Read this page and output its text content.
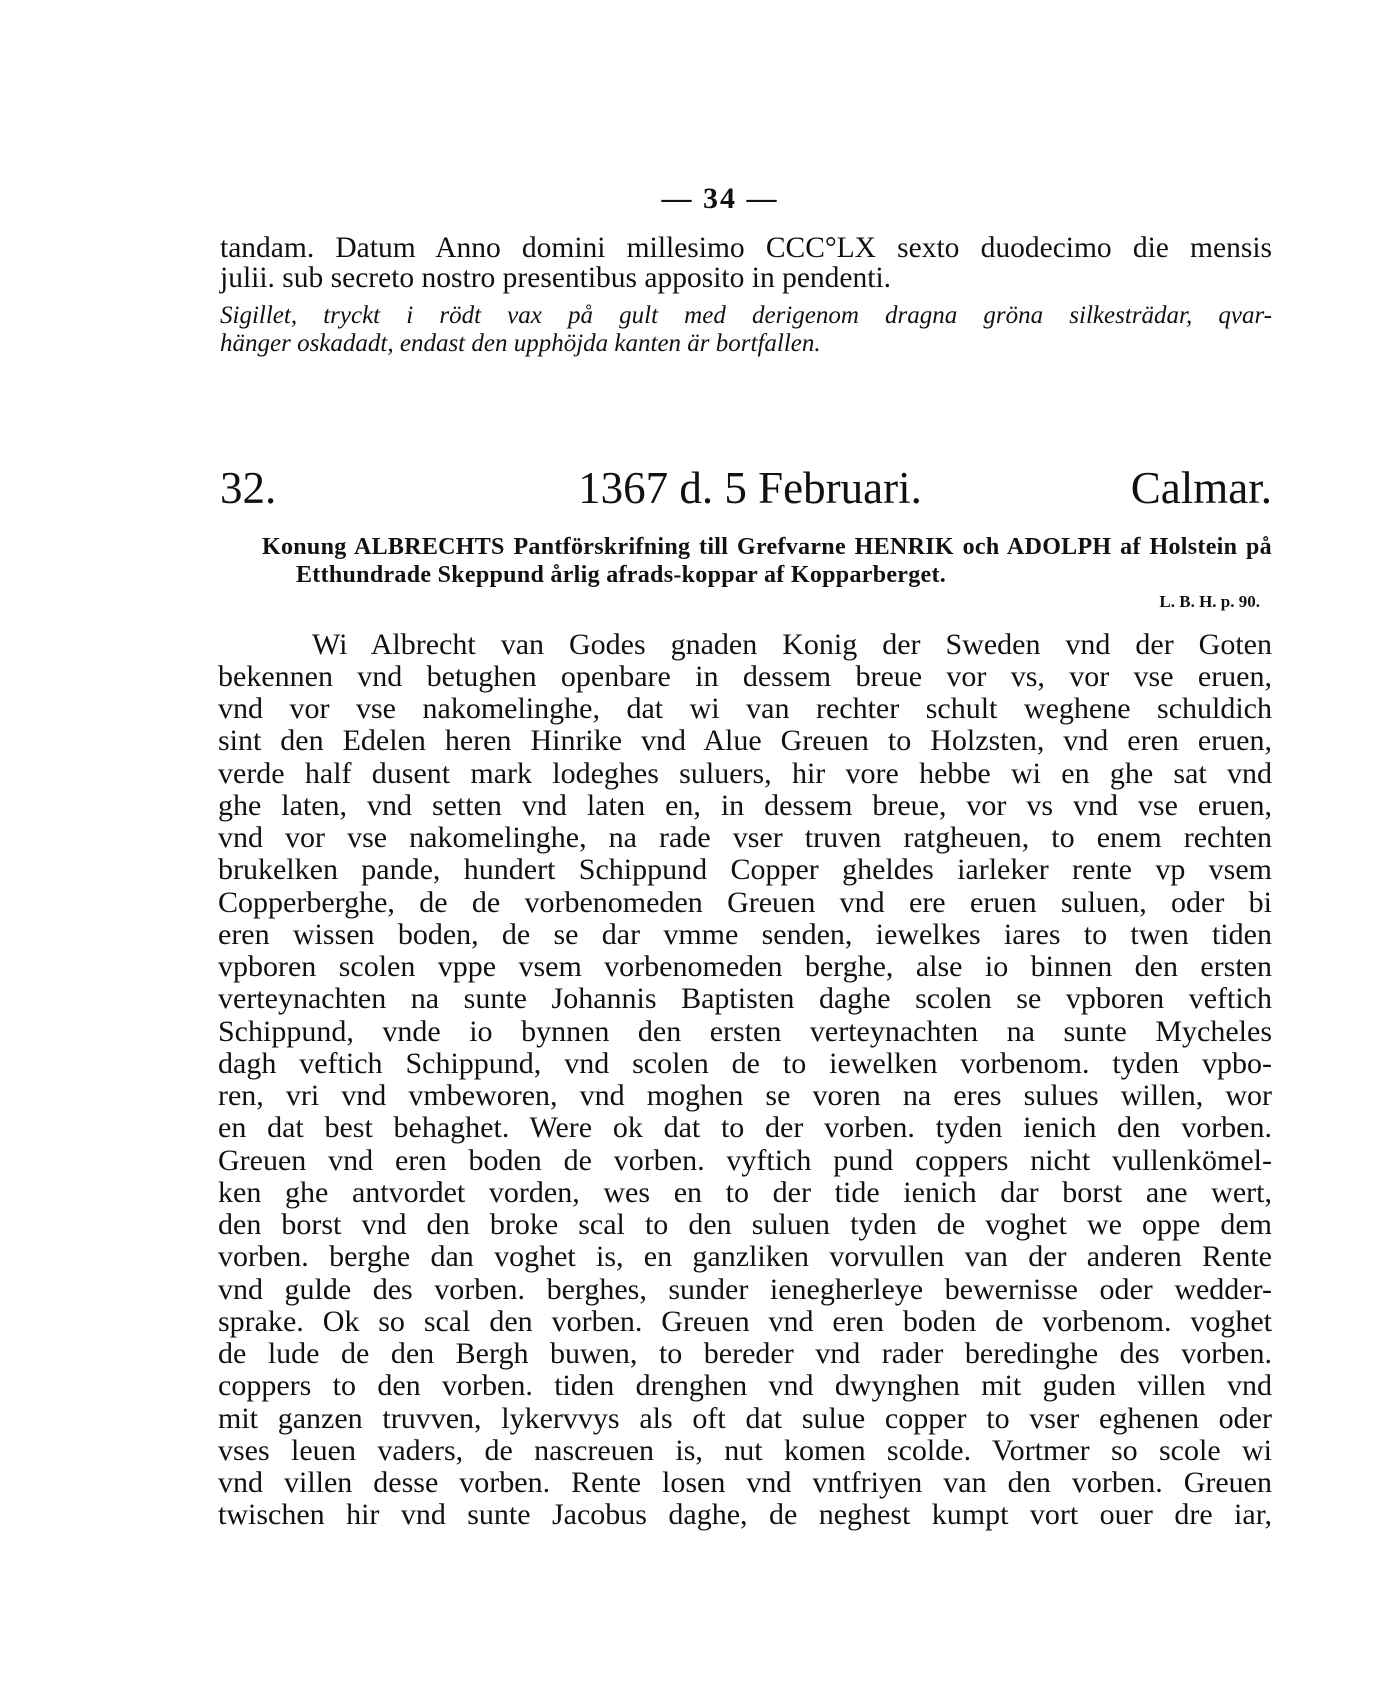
— 34 —
tandam. Datum Anno domini millesimo CCC°LX sexto duodecimo die mensis
julii. sub secreto nostro presentibus apposito in pendenti.
Sigillet, tryckt i rödt vax på gult med derigenom dragna gröna silkesträdar, qvar-
hänger oskadadt, endast den upphöjda kanten är bortfallen.
32.	1367 d. 5 Februari.	Calmar.
Konung ALBRECHTS Pantförskrifning till Grefvarne HENRIK och ADOLPH af Holstein på
Etthundrade Skeppund årlig afrads-koppar af Kopparberget.
L. B. H. p. 90.
Wi Albrecht van Godes gnaden Konig der Sweden vnd der Goten
bekennen vnd betughen openbare in dessem breue vor vs, vor vse eruen,
vnd vor vse nakomelinghe, dat wi van rechter schult weghene schuldich
sint den Edelen heren Hinrike vnd Alue Greuen to Holzsten, vnd eren eruen,
verde half dusent mark lodeghes suluers, hir vore hebbe wi en ghe sat vnd
ghe laten, vnd setten vnd laten en, in dessem breue, vor vs vnd vse eruen,
vnd vor vse nakomelinghe, na rade vser truven ratgheuen, to enem rechten
brukelken pande, hundert Schippund Copper gheldes iarleker rente vp vsem
Copperberghe, de de vorbenomeden Greuen vnd ere eruen suluen, oder bi
eren wissen boden, de se dar vmme senden, iewelkes iares to twen tiden
vpboren scolen vppe vsem vorbenomeden berghe, alse io binnen den ersten
verteynachten na sunte Johannis Baptisten daghe scolen se vpboren veftich
Schippund, vnde io bynnen den ersten verteynachten na sunte Mycheles
dagh veftich Schippund, vnd scolen de to iewelken vorbenom. tyden vpbo-
ren, vri vnd vmbeworen, vnd moghen se voren na eres sulues willen, wor
en dat best behaghet. Were ok dat to der vorben. tyden ienich den vorben.
Greuen vnd eren boden de vorben. vyftich pund coppers nicht vullenkömel-
ken ghe antvordet vorden, wes en to der tide ienich dar borst ane wert,
den borst vnd den broke scal to den suluen tyden de voghet we oppe dem
vorben. berghe dan voghet is, en ganzliken vorvullen van der anderen Rente
vnd gulde des vorben. berghes, sunder ienegherleye bewernisse oder wedder-
sprake. Ok so scal den vorben. Greuen vnd eren boden de vorbenom. voghet
de lude de den Bergh buwen, to bereder vnd rader beredinghe des vorben.
coppers to den vorben. tiden drenghen vnd dwynghen mit guden villen vnd
mit ganzen truvven, lykervvys als oft dat sulue copper to vser eghenen oder
vses leuen vaders, de nascreuen is, nut komen scolde. Vortmer so scole wi
vnd villen desse vorben. Rente losen vnd vntfriyen van den vorben. Greuen
twischen hir vnd sunte Jacobus daghe, de neghest kumpt vort ouer dre iar,
